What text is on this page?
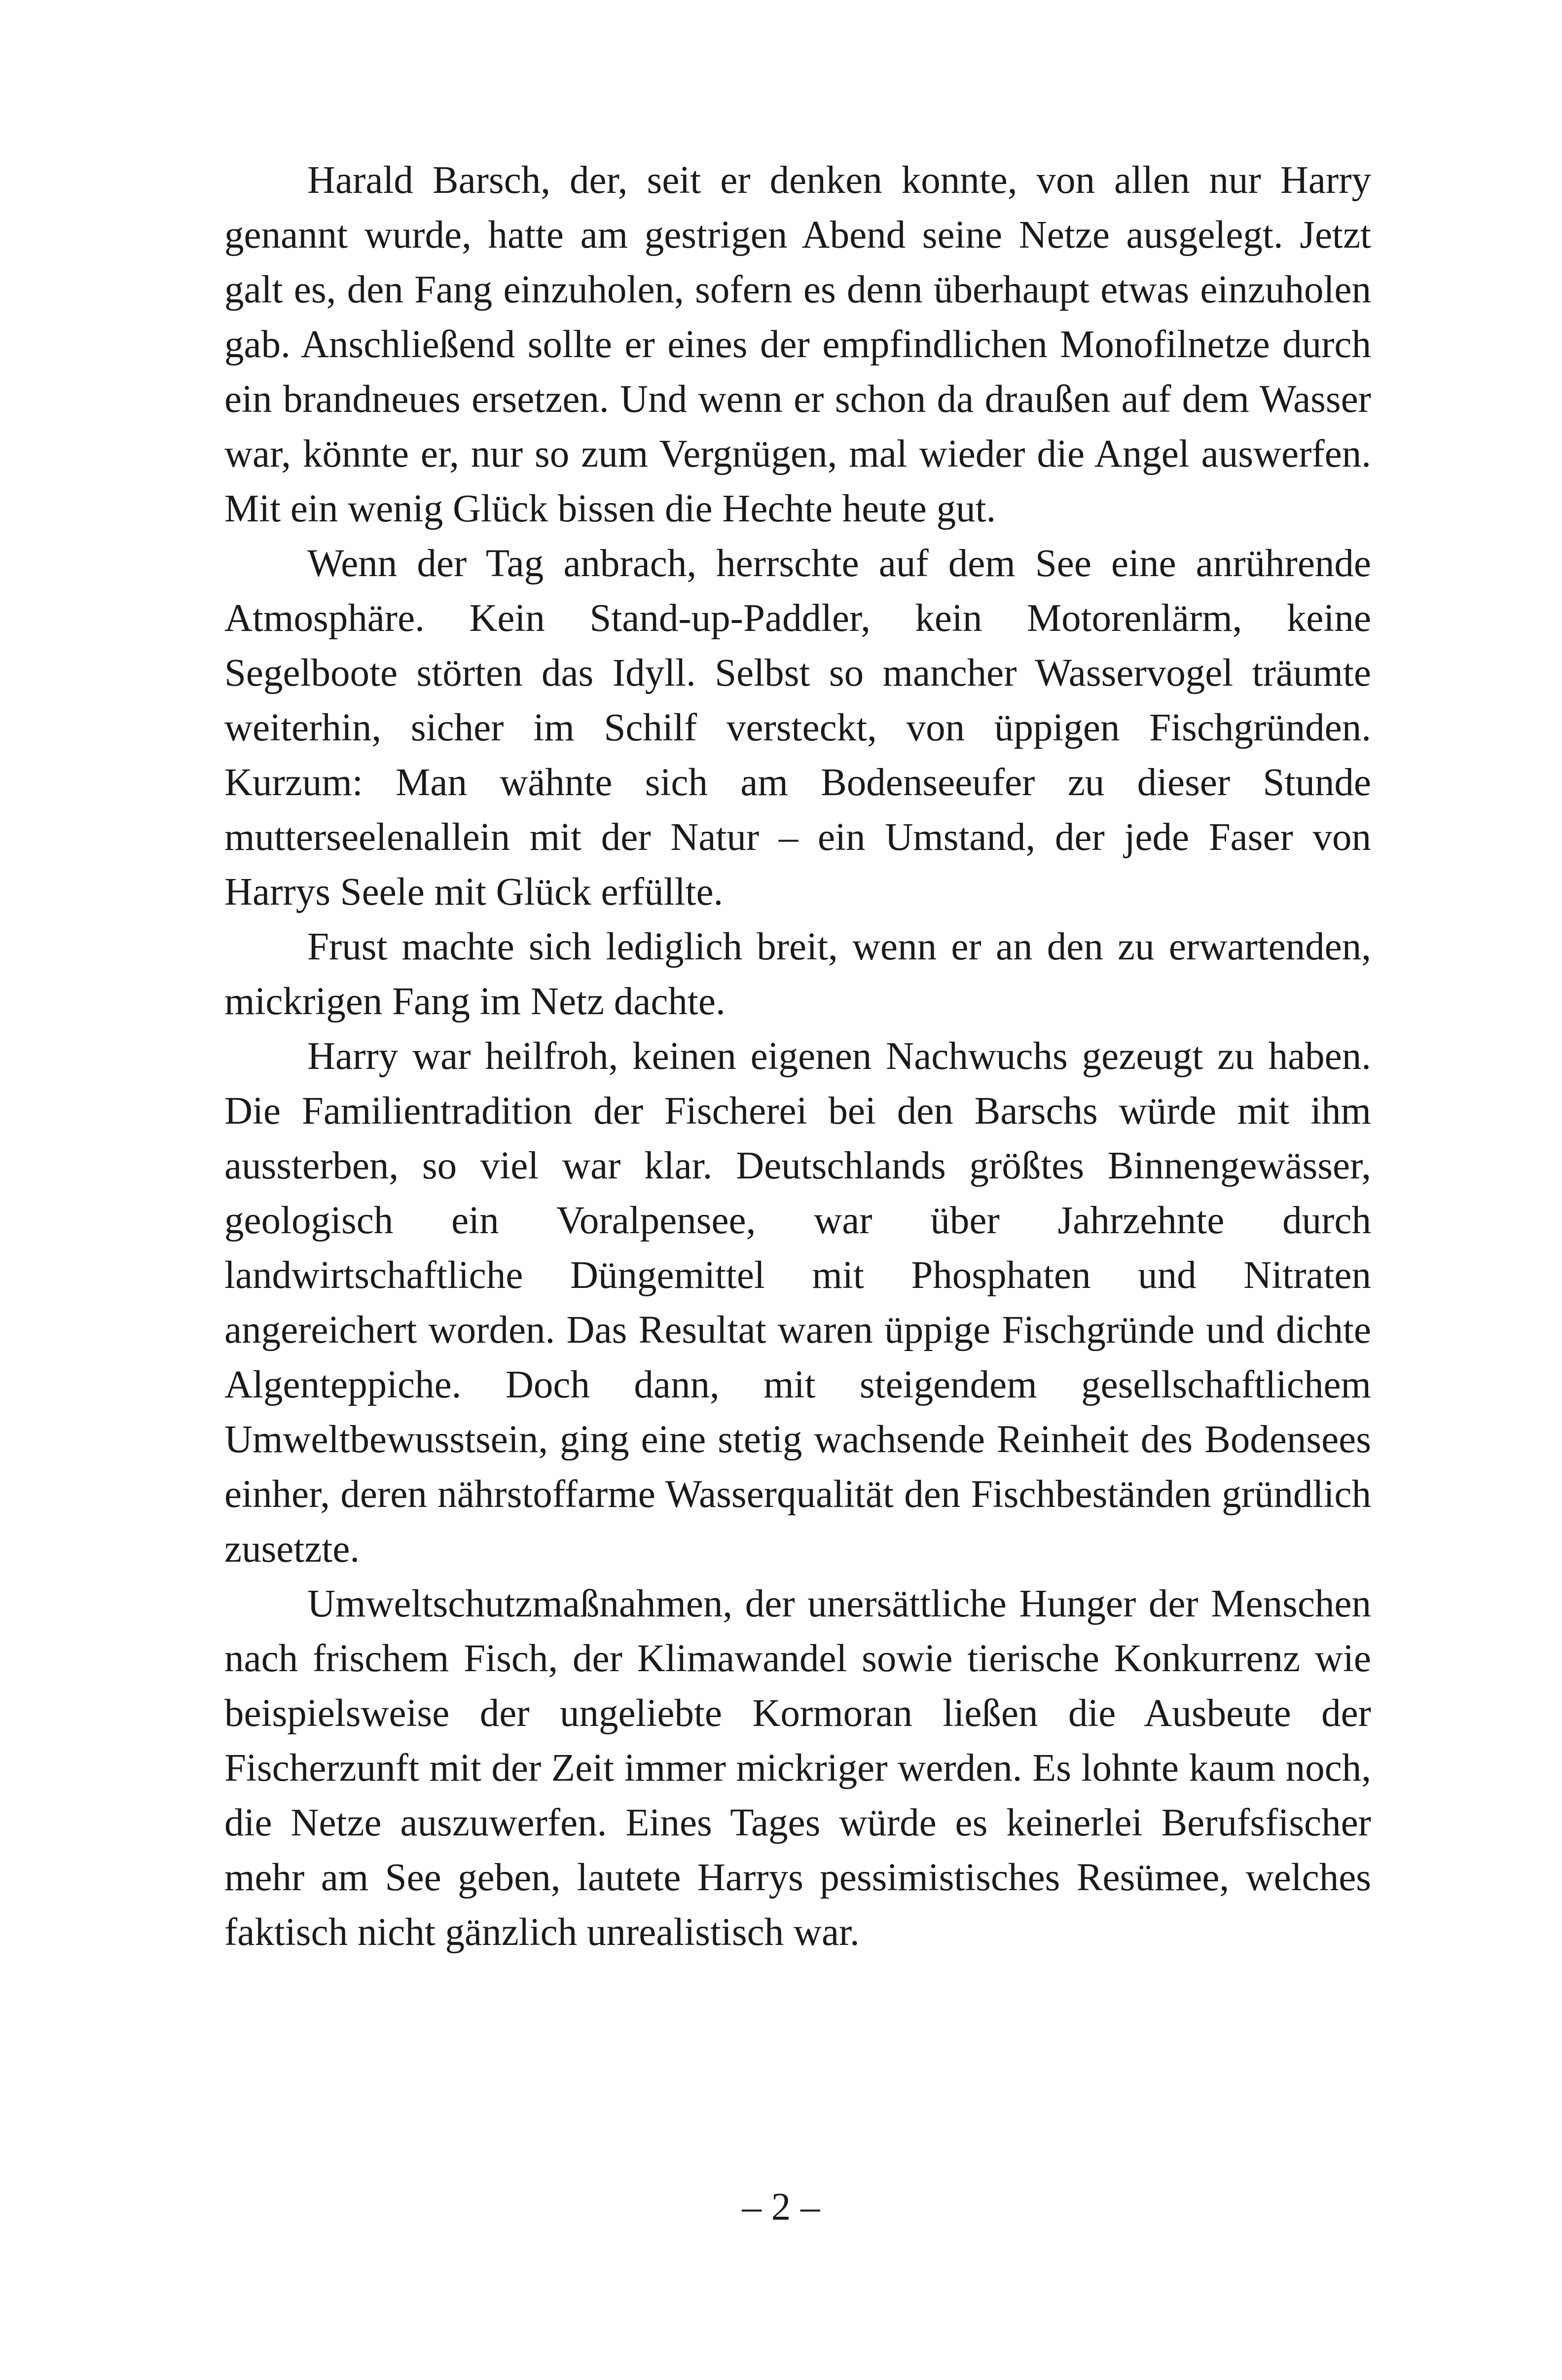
Harald Barsch, der, seit er denken konnte, von allen nur Harry genannt wurde, hatte am gestrigen Abend seine Netze ausgelegt. Jetzt galt es, den Fang einzuholen, sofern es denn überhaupt etwas einzuholen gab. Anschließend sollte er eines der empfindlichen Monofilnetze durch ein brandneues ersetzen. Und wenn er schon da draußen auf dem Wasser war, könnte er, nur so zum Vergnügen, mal wieder die Angel auswerfen. Mit ein wenig Glück bissen die Hechte heute gut.

Wenn der Tag anbrach, herrschte auf dem See eine anrührende Atmosphäre. Kein Stand-up-Paddler, kein Motorenlärm, keine Segelboote störten das Idyll. Selbst so mancher Wasservogel träumte weiterhin, sicher im Schilf versteckt, von üppigen Fischgründen. Kurzum: Man wähnte sich am Bodenseeufer zu dieser Stunde mutterseelenallein mit der Natur – ein Umstand, der jede Faser von Harrys Seele mit Glück erfüllte.

Frust machte sich lediglich breit, wenn er an den zu erwartenden, mickrigen Fang im Netz dachte.

Harry war heilfroh, keinen eigenen Nachwuchs gezeugt zu haben. Die Familientradition der Fischerei bei den Barschs würde mit ihm aussterben, so viel war klar. Deutschlands größtes Binnengewässer, geologisch ein Voralpensee, war über Jahrzehnte durch landwirtschaftliche Düngemittel mit Phosphaten und Nitraten angereichert worden. Das Resultat waren üppige Fischgründe und dichte Algenteppiche. Doch dann, mit steigendem gesellschaftlichem Umweltbewusstsein, ging eine stetig wachsende Reinheit des Bodensees einher, deren nährstoffarme Wasserqualität den Fischbeständen gründlich zusetzte.

Umweltschutzmaßnahmen, der unersättliche Hunger der Menschen nach frischem Fisch, der Klimawandel sowie tierische Konkurrenz wie beispielsweise der ungeliebte Kormoran ließen die Ausbeute der Fischerzunft mit der Zeit immer mickriger werden. Es lohnte kaum noch, die Netze auszuwerfen. Eines Tages würde es keinerlei Berufsfischer mehr am See geben, lautete Harrys pessimistisches Resümee, welches faktisch nicht gänzlich unrealistisch war.

– 2 –
